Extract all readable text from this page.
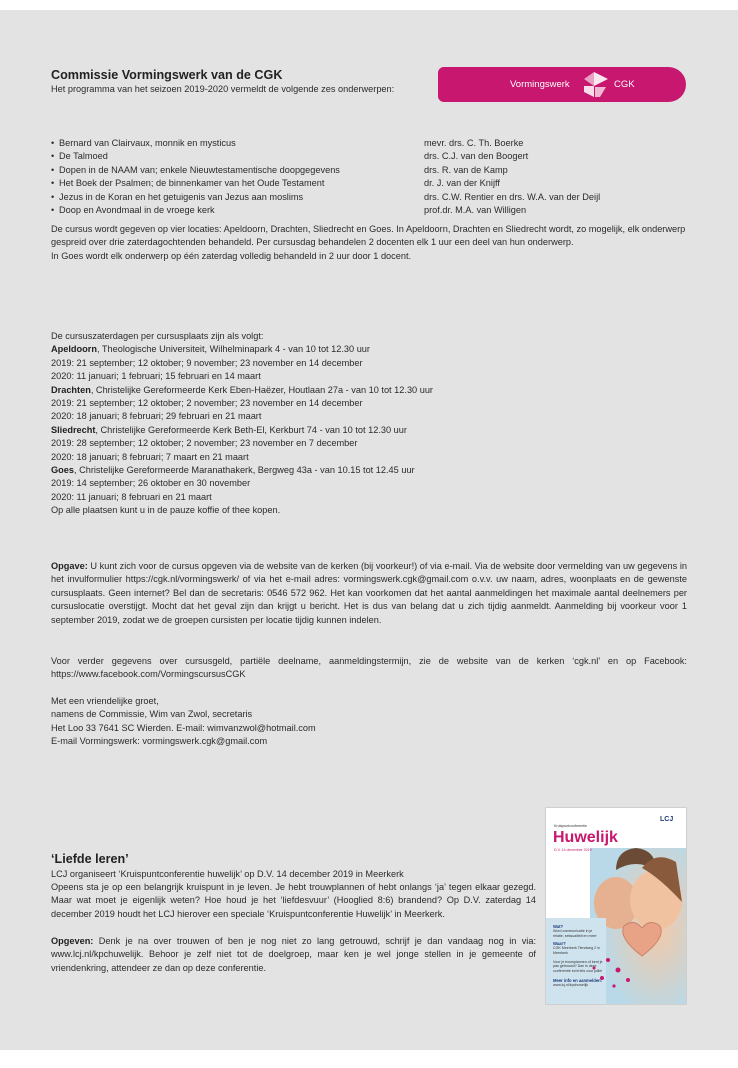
Commissie Vormingswerk van de CGK
Het programma van het seizoen 2019-2020 vermeldt de volgende zes onderwerpen:	Vormingswerk	CGK
• Bernard van Clairvaux, monnik en mysticus	mevr. drs. C. Th. Boerke
• De Talmoed	drs. C.J. van den Boogert
• Dopen in de NAAM van; enkele Nieuwtestamentische doopgegevens	drs. R. van de Kamp
• Het Boek der Psalmen; de binnenkamer van het Oude Testament	dr. J. van der Knijff
• Jezus in de Koran en het getuigenis van Jezus aan moslims	drs. C.W. Rentier en drs. W.A. van der Deijl
• Doop en Avondmaal in de vroege kerk	prof.dr. M.A. van Willigen

De cursus wordt gegeven op vier locaties: Apeldoorn, Drachten, Sliedrecht en Goes. In Apeldoorn, Drachten en Sliedrecht wordt, zo mogelijk, elk onderwerp gespreid over drie zaterdagochtenden behandeld. Per cursusdag behandelen 2 docenten elk 1 uur een deel van hun onderwerp.

In Goes wordt elk onderwerp op één zaterdag volledig behandeld in 2 uur door 1 docent.

De cursuszaterdagen per cursusplaats zijn als volgt:

Apeldoorn, Theologische Universiteit, Wilhelminapark 4 - van 10 tot 12.30 uur

2019: 21 september; 12 oktober; 9 november; 23 november en 14 december

2020: 11 januari; 1 februari; 15 februari en 14 maart

Drachten, Christelijke Gereformeerde Kerk Eben-Haëzer, Houtlaan 27a - van 10 tot 12.30 uur

2019: 21 september; 12 oktober; 2 november; 23 november en 14 december

2020: 18 januari; 8 februari; 29 februari en 21 maart

Sliedrecht, Christelijke Gereformeerde Kerk Beth-El, Kerkburt 74 - van 10 tot 12.30 uur

2019: 28 september; 12 oktober; 2 november; 23 november en 7 december

2020: 18 januari; 8 februari; 7 maart en 21 maart

Goes, Christelijke Gereformeerde Maranathakerk, Bergweg 43a - van 10.15 tot 12.45 uur

2019: 14 september; 26 oktober en 30 november

2020: 11 januari; 8 februari en 21 maart

Op alle plaatsen kunt u in de pauze koffie of thee kopen.

Opgave: U kunt zich voor de cursus opgeven via de website van de kerken (bij voorkeur!) of via e-mail. Via de website door vermelding van uw gegevens in het invulformulier https://cgk.nl/vormingswerk/ of via het e-mail adres: vormingswerk.cgk@gmail.com o.v.v. uw naam, adres, woonplaats en de gewenste cursusplaats. Geen internet? Bel dan de secretaris: 0546 572 962. Het kan voorkomen dat het aantal aanmeldingen het maximale aantal deelnemers per cursuslocatie overstijgt. Mocht dat het geval zijn dan krijgt u bericht. Het is dus van belang dat u zich tijdig aanmeldt. Aanmelding bij voorkeur voor 1 september 2019, zodat we de groepen cursisten per locatie tijdig kunnen indelen.
Voor verder gegevens over cursusgeld, partiële deelname, aanmeldingstermijn, zie de website van de kerken ‘cgk.nl’ en op Facebook: https://www.facebook.com/VormingscursusCGK

Met een vriendelijke groet,

namens de Commissie, Wim van Zwol, secretaris

Het Loo 33 7641 SC Wierden. E-mail: wimvanzwol@hotmail.com

E-mail Vormingswerk: vormingswerk.cgk@gmail.com

‘Liefde leren’
LCJ organiseert ‘Kruispuntconferentie huwelijk’ op D.V. 14 december 2019 in Meerkerk
Opeens sta je op een belangrijk kruispunt in je leven. Je hebt trouwplannen of hebt onlangs ‘ja’ tegen elkaar gezegd. Maar wat moet je eigenlijk weten? Hoe houd je het ‘liefdesvuur’ (Hooglied 8:6) brandend? Op D.V. zaterdag 14 december 2019 houdt het LCJ hierover een speciale ‘Kruispuntconferentie Huwelijk’ in Meerkerk.
Opgeven: Denk je na over trouwen of ben je nog niet zo lang getrouwd, schrijf je dan vandaag nog in via: www.lcj.nl/kpchuwelijk. Behoor je zelf niet tot de doelgroep, maar ken je wel jonge stellen in je gemeente of vriendenkring, attendeer ze dan op deze conferentie.
LCJ
Kruispuntconferentie
Huwelijk
D.V. 14 december 2019
Wat?
Word communicatie in je relatie, seksualiteit en meer
Waar?
CGK Meerkerk Tiendweg 2 in Meerkerk
Voor je trouwplannen of bent je pas getrouwd? Dan is deze conferentie echt iets voor jullie!
Meer info en aanmelden:
www.lcj.nl/kpchuwelijk
